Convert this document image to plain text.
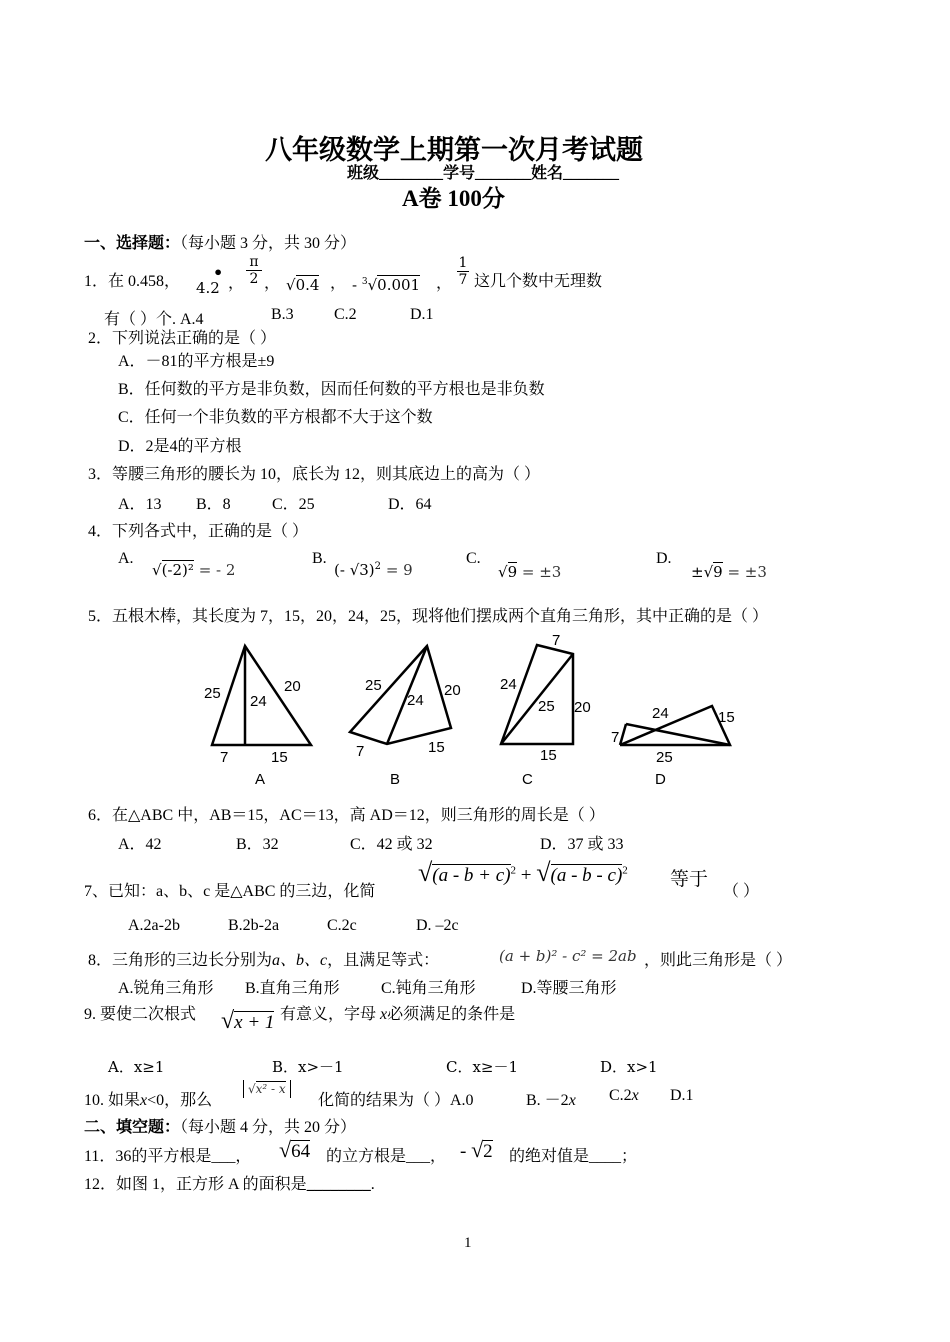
八年级数学上期第一次月考试题
班级________学号_______姓名_______
A卷 100分
一、选择题：（每小题 3 分，共 30 分）
1．在 0.458， •
4.2 ，
π
2 ， √0.4 ， - $^3$√0.001 ，
1
7 这几个数中无理数
有（ ）个. A.4	B.3	C.2	D.1
2．下列说法正确的是（ ）
A．－81的平方根是±9
B．任何数的平方是非负数，因而任何数的平方根也是非负数
C．任何一个非负数的平方根都不大于这个数
D．2是4的平方根
3．等腰三角形的腰长为 10，底长为 12，则其底边上的高为（ ）
A．13 B．8	C．25	D．64
4．下列各式中，正确的是（ ）
A.
√(-2)² = - 2
B.
(- √3)$^2$ = 9
C.
√9 = ±3
D.
±√9 = ±3
5．五根木棒，其长度为 7，15，20，24，25，现将他们摆成两个直角三角形，其中正确的是（ ）
25 24
20
7	15
A
25
24
20
7	15
B
7
24
25 20
15
C
24	15
7
25
D
6．在△ABC 中，AB＝15，AC＝13，高 AD＝12，则三角形的周长是（ ）
A．42	B．32	C．42 或 32	D．37 或 33
7、已知：a、b、c 是△ABC 的三边，化简
$√(a - b + c)^2 + √(a - b - c)^2$ 等于
（ ）
A.2a-2b	B.2b-2a	C.2c	D. –2c
8．三角形的三边长分别为a、b、c，且满足等式：	(a + b)² - c² = 2ab ，则此三角形是（ ）
A.锐角三角形 B.直角三角形	C.钝角三角形	D.等腰三角形
9. 要使二次根式 √x + 1 有意义，字母 x必须满足的条件是
A．x≥1	B．x>－1	C．x≥－1	D．x>1
10. 如果x<0，那么
√x² - x
化简的结果为（ ）A.0	B. －2x C.2x D.1
二、填空题：（每小题 4 分，共 20 分）
11．36的平方根是___， √64 的立方根是___， - √2 的绝对值是____；
12．如图 1，正方形 A 的面积是________.
1
